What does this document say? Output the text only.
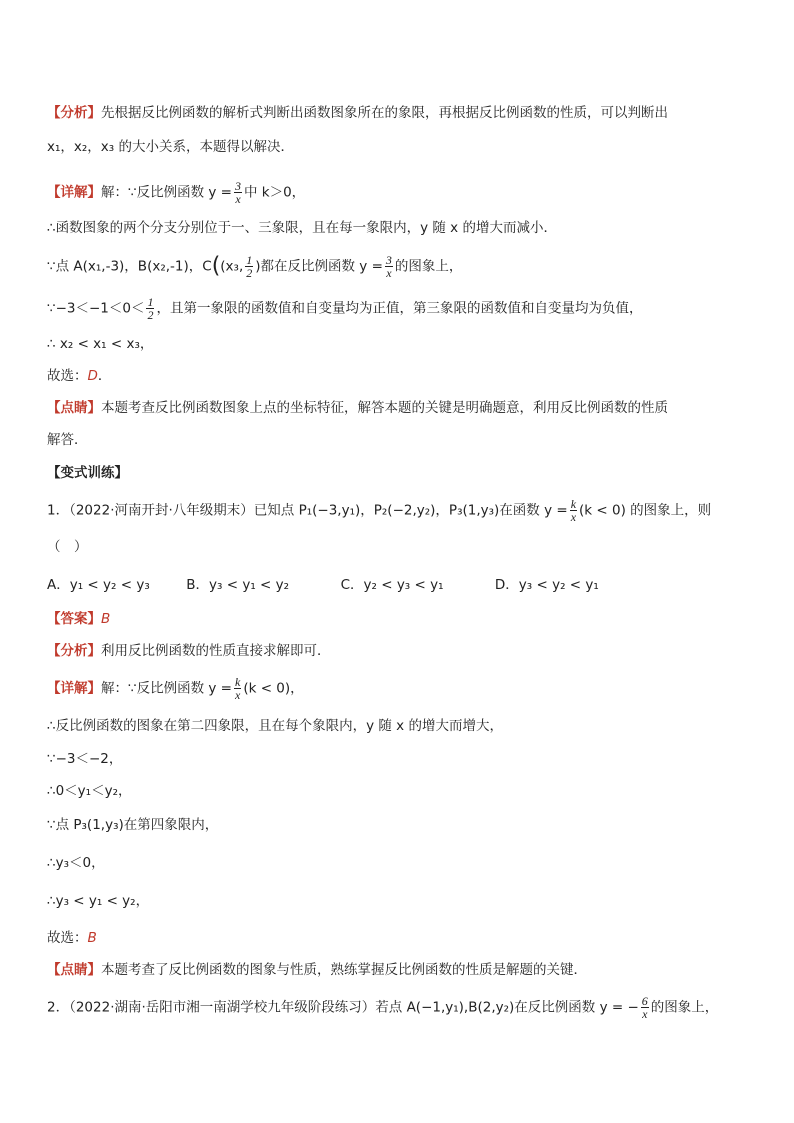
【分析】先根据反比例函数的解析式判断出函数图象所在的象限，再根据反比例函数的性质，可以判断出
x₁，x₂，x₃ 的大小关系，本题得以解决．
【详解】解：∵反比例函数 $y = \frac{3}{x}$ 中 k＞0，
∴函数图象的两个分支分别位于一、三象限，且在每一象限内，y 随 x 的增大而减小．
∵点 A(x₁,-3)，B(x₂,-1)，C((x₃, $\frac{1}{2}$ )都在反比例函数 $y = \frac{3}{x}$ 的图象上，
∵−3＜−1＜0＜ $\frac{1}{2}$ ，且第一象限的函数值和自变量均为正值，第三象限的函数值和自变量均为负值，
∴ x₂ < x₁ < x₃，
故选：D．
【点睛】本题考查反比例函数图象上点的坐标特征，解答本题的关键是明确题意，利用反比例函数的性质
解答．
【变式训练】
1．（2022·河南开封·八年级期末）已知点 P₁(−3,y₁)，P₂(−2,y₂)，P₃(1,y₃)在函数 $y = \frac{k}{x} (k < 0)$ 的图象上，则
（　）
A．y₁ < y₂ < y₃	B．y₃ < y₁ < y₂	C．y₂ < y₃ < y₁	D．y₃ < y₂ < y₁
【答案】B
【分析】利用反比例函数的性质直接求解即可．
【详解】解：∵反比例函数 $y = \frac{k}{x} (k < 0)$，
∴反比例函数的图象在第二四象限，且在每个象限内，y 随 x 的增大而增大，
∵−3＜−2，
∴0＜y₁＜y₂，
∵点 P₃(1,y₃)在第四象限内，
∴y₃＜0，
∴y₃ < y₁ < y₂，
故选：B
【点睛】本题考查了反比例函数的图象与性质，熟练掌握反比例函数的性质是解题的关键．
2．（2022·湖南·岳阳市湘一南湖学校九年级阶段练习）若点 A(−1,y₁),B(2,y₂)在反比例函数 y = − $\frac{6}{x}$ 的图象上，
